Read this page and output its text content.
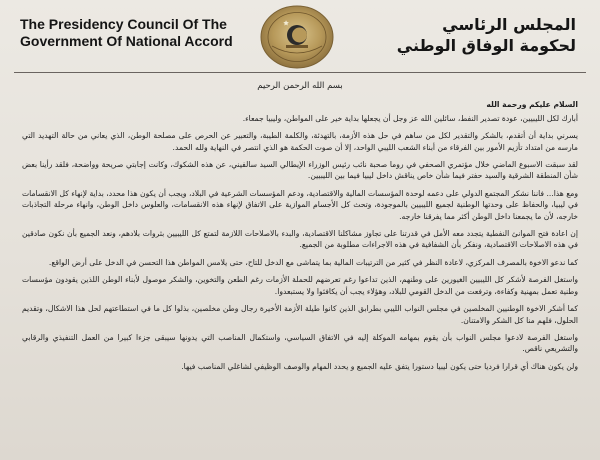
The Presidency Council Of The
Government Of National Accord
المجلس الرئاسي
لحكومة الوفاق الوطني
بسم الله الرحمن الرحيم

السلام عليكم ورحمة الله

أبارك لكل الليبيين، عودة تصدير النفط، سائلين الله عز وجل أن يجعلها بداية خير على المواطن، وليبيا جمعاء.

يسرني بداية أن أتقدم، بالشكر والتقدير لكل من ساهم في حل هذه الأزمة، بالتهدئة، والكلمة الطيبة، والتعبير عن الحرص على مصلحة الوطن، الذي يعاني من حالة التهديد التي مارسه من امتداد تأزيم الأمور بين الفرقاء من أبناء الشعب الليبي الواحد، إلا أن صوت الحكمة هو الذي انتصر في النهاية ولله الحمد.

لقد سبقت الاسبوع الماضي خلال مؤتمري الصحفي في روما صحبة نائب رئيس الوزراء الإيطالي السيد سالفيني، عن هذه الشكوك، وكانت إجابتي صريحة وواضحة، فلقد رأينا بعض شأن المنطقة الشرقية والسيد حفتر فيما شأن خاص يناقش داخل ليبيا فيما بين الليبيين.

ومع هذا... فاننا نشكر المجتمع الدولي على دعمه لوحدة المؤسسات المالية والاقتصادية، ودعم المؤسسات الشرعية في البلاد، ويجب أن يكون هذا محدد، بداية لإنهاء كل الانقسامات في ليبيا، والحفاظ على وحدتها الوطنية لجميع الليبيين بالموجودة، وتحث كل الأجسام الموازية على الاتفاق لإنهاء هذه الانقسامات، والعلوس داخل الوطن، وانهاء مرحلة التجاذبات خارجه، لأن ما يجمعنا داخل الوطن أكثر مما يفرقنا خارجه.

إن اعادة فتح الموانئ النفطية يتجدد معه الأمل في قدرتنا على تجاوز مشاكلنا الاقتصادية، والبدء بالاصلاحات اللازمة لتمتع كل الليبيين بثروات بلادهم، ونعد الجميع بأن نكون صادقين في هذه الاصلاحات الاقتصادية، ونفكر بأن الشفافية في هذه الاجراءات مطلوبة من الجميع.

كما ندعو الاخوة بالمصرف المركزي، لاعادة النظر في كثير من الترتيبات المالية بما يتماشى مع الدخل للتاح، حتى يلامس المواطن هذا التحسن في الدخل على أرض الواقع.

واستغل الفرصة لأشكر كل الليبيين الغيورين على وطنهم، الذين تداعوا رغم تعرضهم للحملة الأزمات رغم الطعن والتخوين، والشكر موصول لأبناء الوطن اللذين يقودون مؤسسات وطنية تعمل بمهنية وكفاءة، وترفعت من الدخل القومي للبلاد، وهؤلاء يجب أن يكافئوا ولا يستبعدوا.

كما أشكر الاخوة الوطنيين المخلصين في مجلس النواب الليبي بطرابق الذين كانوا طيلة الأزمة الأخيرة رجال وطن مخلصين، بذلوا كل ما في استطاعتهم لحل هذا الاشكال، وتقديم الحلول، فلهم منا كل الشكر والامتنان.

واستغل الفرصة لادعوا مجلس النواب بأن يقوم بمهامه الموكلة إليه في الاتفاق السياسي، واستكمال المناصب التي يدونها سيبقى جزءا كبيرا من العمل التنفيذي والرقابي والتشريعي ناقص.

ولن يكون هناك أي قرارا فرديا حتى يكون ليبيا دستورا يتفق عليه الجميع و يحدد المهام والوصف الوظيفي لشاغلي المناصب فيها.
